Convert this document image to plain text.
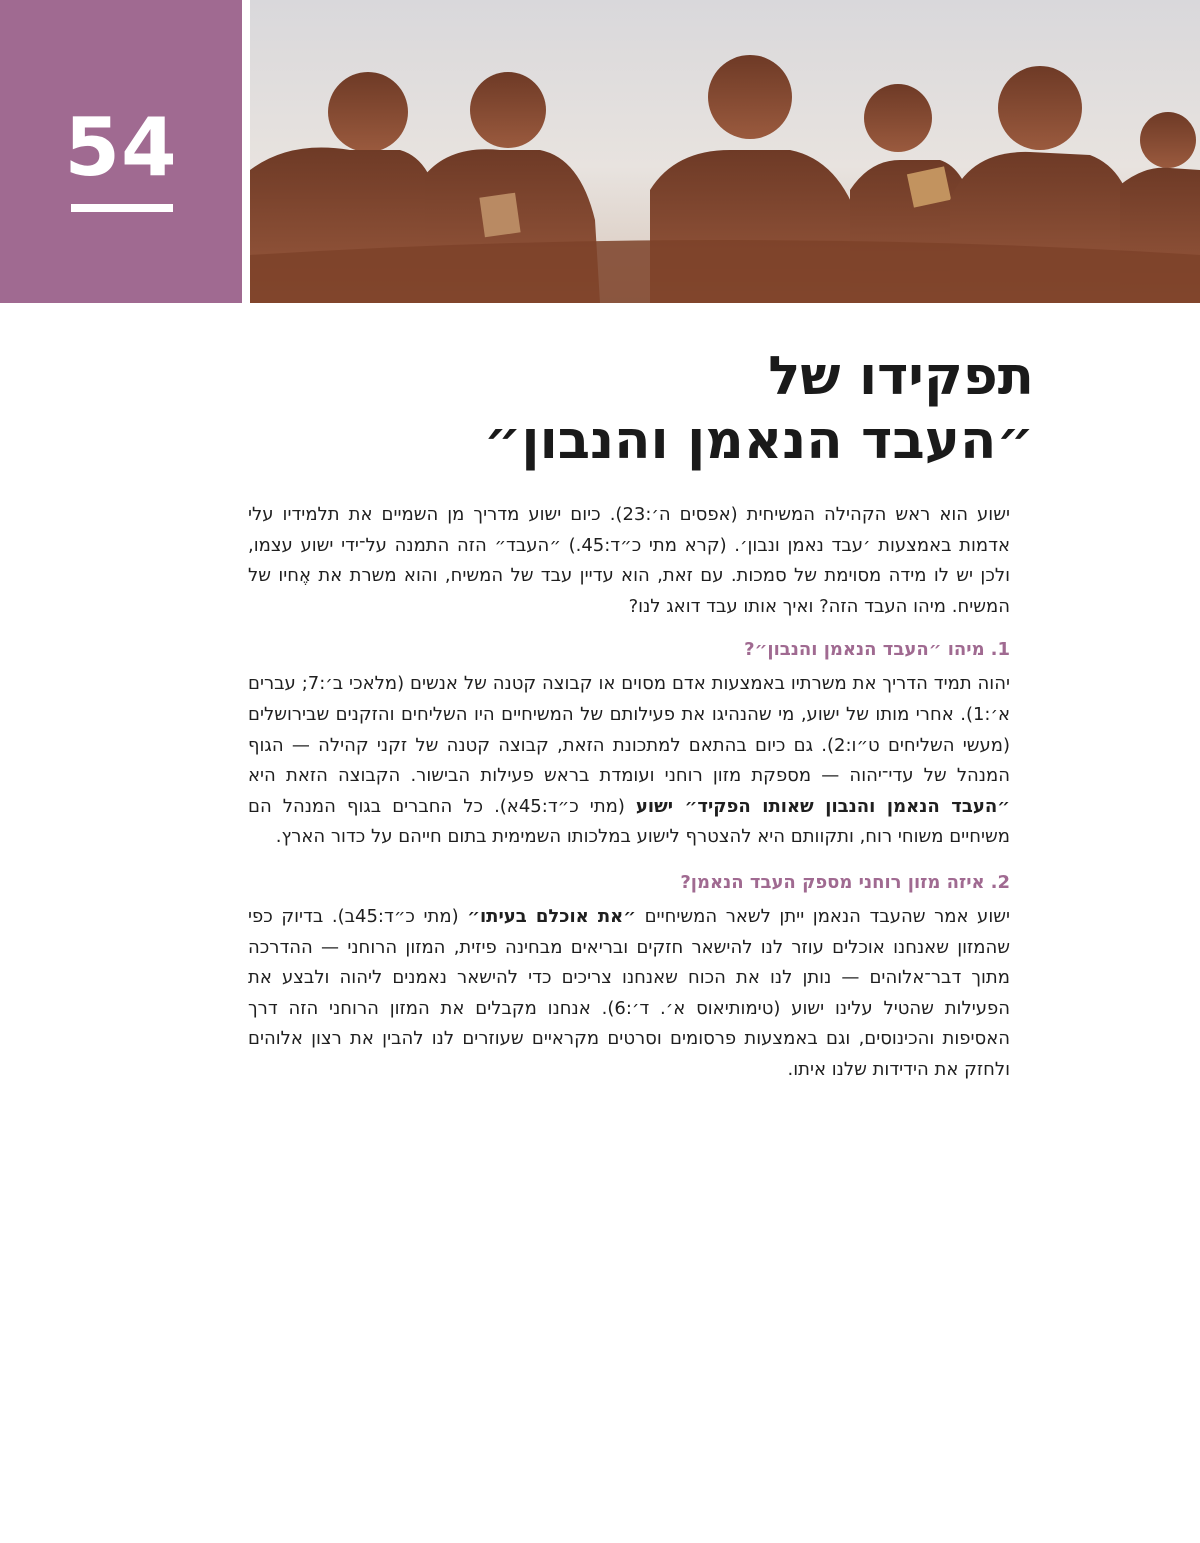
54
תפקידו של
״העבד הנאמן והנבון״

ישוע הוא ראש הקהילה המשיחית (אפסים ה׳:23). כיום ישוע מדריך מן השמיים את תלמידיו עלי אדמות באמצעות ׳עבד נאמן ונבון׳. (קרא מתי כ״ד:45.) ״העבד״ הזה התמנה על־ידי ישוע עצמו, ולכן יש לו מידה מסוימת של סמכות. עם זאת, הוא עדיין עבד של המשיח, והוא משרת את אֶחיו של המשיח. מיהו העבד הזה? ואיך אותו עבד דואג לנו?

1.מיהו ״העבד הנאמן והנבון״?

יהוה תמיד הדריך את משרתיו באמצעות אדם מסוים או קבוצה קטנה של אנשים (מלאכי ב׳:7; עברים א׳:1). אחרי מותו של ישוע, מי שהנהיגו את פעילותם של המשיחיים היו השליחים והזקנים שבירושלים (מעשי השליחים ט״ו:2). גם כיום בהתאם למתכונת הזאת, קבוצה קטנה של זקני קהילה — הגוף המנהל של עדי־יהוה — מספקת מזון רוחני ועומדת בראש פעילות הבישור. הקבוצה הזאת היא ״העבד הנאמן והנבון שאותו הפקיד״ ישוע (מתי כ״ד:45א). כל החברים בגוף המנהל הם משיחיים משוחי רוח, ותקוותם היא להצטרף לישוע במלכותו השמימית בתום חייהם על כדור הארץ.

2.איזה מזון רוחני מספק העבד הנאמן?

ישוע אמר שהעבד הנאמן ייתן לשאר המשיחיים ״את אוכלם בעיתו״ (מתי כ״ד:45ב). בדיוק כפי שהמזון שאנחנו אוכלים עוזר לנו להישאר חזקים ובריאים מבחינה פיזית, המזון הרוחני — ההדרכה מתוך דבר־אלוהים — נותן לנו את הכוח שאנחנו צריכים כדי להישאר נאמנים ליהוה ולבצע את הפעילות שהטיל עלינו ישוע (טימותיאוס א׳. ד׳:6). אנחנו מקבלים את המזון הרוחני הזה דרך האסיפות והכינוסים, וגם באמצעות פרסומים וסרטים מקראיים שעוזרים לנו להבין את רצון אלוהים ולחזק את הידידות שלנו איתו.
